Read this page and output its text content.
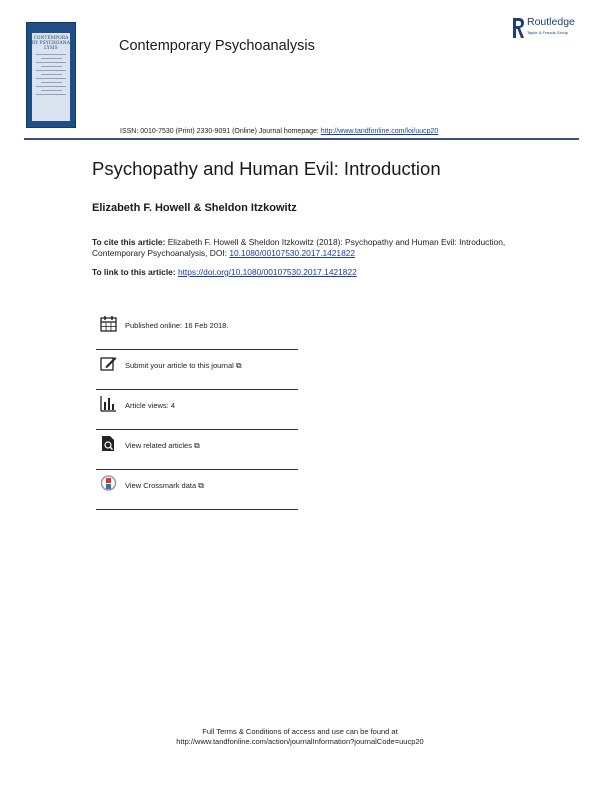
CONTEMPORARY PSYCHOANALYSIS	Contemporary Psychoanalysis
Routledge
Taylor & Francis Group
ISSN: 0010-7530 (Print) 2330-9091 (Online) Journal homepage: http://www.tandfonline.com/loi/uucp20
Psychopathy and Human Evil: Introduction
Elizabeth F. Howell & Sheldon Itzkowitz
To cite this article: Elizabeth F. Howell & Sheldon Itzkowitz (2018): Psychopathy and Human Evil: Introduction, Contemporary Psychoanalysis, DOI: 10.1080/00107530.2017.1421822
To link to this article: https://doi.org/10.1080/00107530.2017.1421822
Published online: 16 Feb 2018.
Submit your article to this journal ⧉
Article views: 4
View related articles ⧉
View Crossmark data ⧉
Full Terms & Conditions of access and use can be found at
http://www.tandfonline.com/action/journalInformation?journalCode=uucp20
